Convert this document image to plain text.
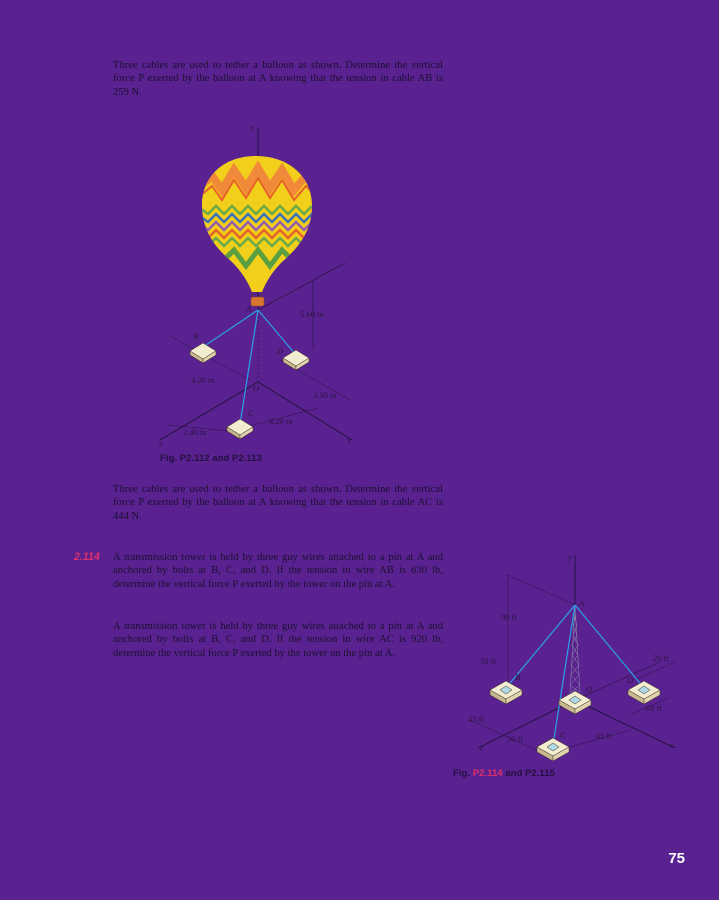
Three cables are used to tether a balloon as shown. Determine the vertical force P exerted by the balloon at A knowing that the tension in cable AB is 259 N.

y
x
z
A
B
D
C
O
5.60 m
4.20 m
3.30 m
4.20 m
2.40 m
Fig. P2.112 and P2.113

Three cables are used to tether a balloon as shown. Determine the vertical force P exerted by the balloon at A knowing that the tension in cable AC is 444 N.

2.114 A transmission tower is held by three guy wires attached to a pin at A and anchored by bolts at B, C, and D. If the tension in wire AB is 630 lb, determine the vertical force P exerted by the tower on the pin at A.

A transmission tower is held by three guy wires attached to a pin at A and anchored by bolts at B, C, and D. If the tension in wire AC is 920 lb, determine the vertical force P exerted by the tower on the pin at A.

y
x
z
A
B	D
O
C
90 ft
30 ft	20 ft
60 ft
45 ft
30 ft	65 ft
Fig. P2.114 and P2.115
75
